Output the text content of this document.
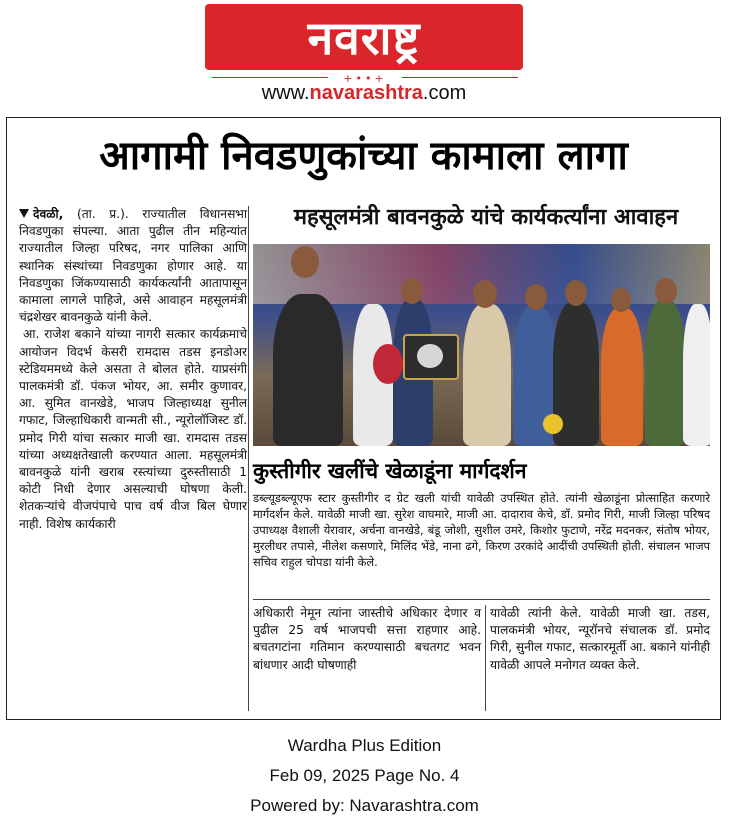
नवराष्ट्र
+••+
www.navarashtra.com
आगामी निवडणुकांच्या कामाला लागा
महसूलमंत्री बावनकुळे यांचे कार्यकर्त्यांना आवाहन

देवळी, (ता. प्र.). राज्यातील विधानसभा निवडणुका संपल्या. आता पुढील तीन महिन्यांत राज्यातील जिल्हा परिषद, नगर पालिका आणि स्थानिक संस्थांच्या निवडणुका होणार आहे. या निवडणुका जिंकण्यासाठी कार्यकर्त्यांनी आतापासून कामाला लागले पाहिजे, असे आवाहन महसूलमंत्री चंद्रशेखर बावनकुळे यांनी केले.

आ. राजेश बकाने यांच्या नागरी सत्कार कार्यक्रमाचे आयोजन विदर्भ केसरी रामदास तडस इनडोअर स्टेडियममध्ये केले असता ते बोलत होते. याप्रसंगी पालकमंत्री डॉ. पंकज भोयर, आ. समीर कुणावर, आ. सुमित वानखेडे, भाजप जिल्हाध्यक्ष सुनील गफाट, जिल्हाधिकारी वान्मती सी., न्यूरोलॉजिस्ट डॉ. प्रमोद गिरी यांचा सत्कार माजी खा. रामदास तडस यांच्या अध्यक्षतेखाली करण्यात आला. महसूलमंत्री बावनकुळे यांनी खराब रस्त्यांच्या दुरुस्तीसाठी 1 कोटी निधी देणार असल्याची घोषणा केली. शेतकऱ्यांचे वीजपंपाचे पाच वर्ष वीज बिल घेणार नाही. विशेष कार्यकारी

कुस्तीगीर खलींचे खेळाडूंना मार्गदर्शन
डब्ल्यूडब्ल्यूएफ स्टार कुस्तीगीर द ग्रेट खली यांची यावेळी उपस्थित होते. त्यांनी खेळाडूंना प्रोत्साहित करणारे मार्गदर्शन केले. यावेळी माजी खा. सुरेश वाघमारे, माजी आ. दादाराव केचे, डॉ. प्रमोद गिरी, माजी जिल्हा परिषद उपाध्यक्ष वैशाली येरावार, अर्चना वानखेडे, बंडू जोशी, सुशील उमरे, किशोर फुटाणे, नरेंद्र मदनकर, संतोष भोयर, मुरलीधर तपासे, नीलेश कसणारे, मिलिंद भेंडे, नाना ढगे, किरण उरकांदे आदींची उपस्थिती होती. संचालन भाजप सचिव राहुल चोपडा यांनी केले.
अधिकारी नेमून त्यांना जास्तीचे अधिकार देणार व पुढील 25 वर्ष भाजपची सत्ता राहणार आहे. बचतगटांना गतिमान करण्यासाठी बचतगट भवन बांधणार आदी घोषणाही
यावेळी त्यांनी केले. यावेळी माजी खा. तडस, पालकमंत्री भोयर, न्यूरॉनचे संचालक डॉ. प्रमोद गिरी, सुनील गफाट, सत्कारमूर्ती आ. बकाने यांनीही यावेळी आपले मनोगत व्यक्त केले.
Wardha Plus Edition
Feb 09, 2025 Page No. 4
Powered by: Navarashtra.com
